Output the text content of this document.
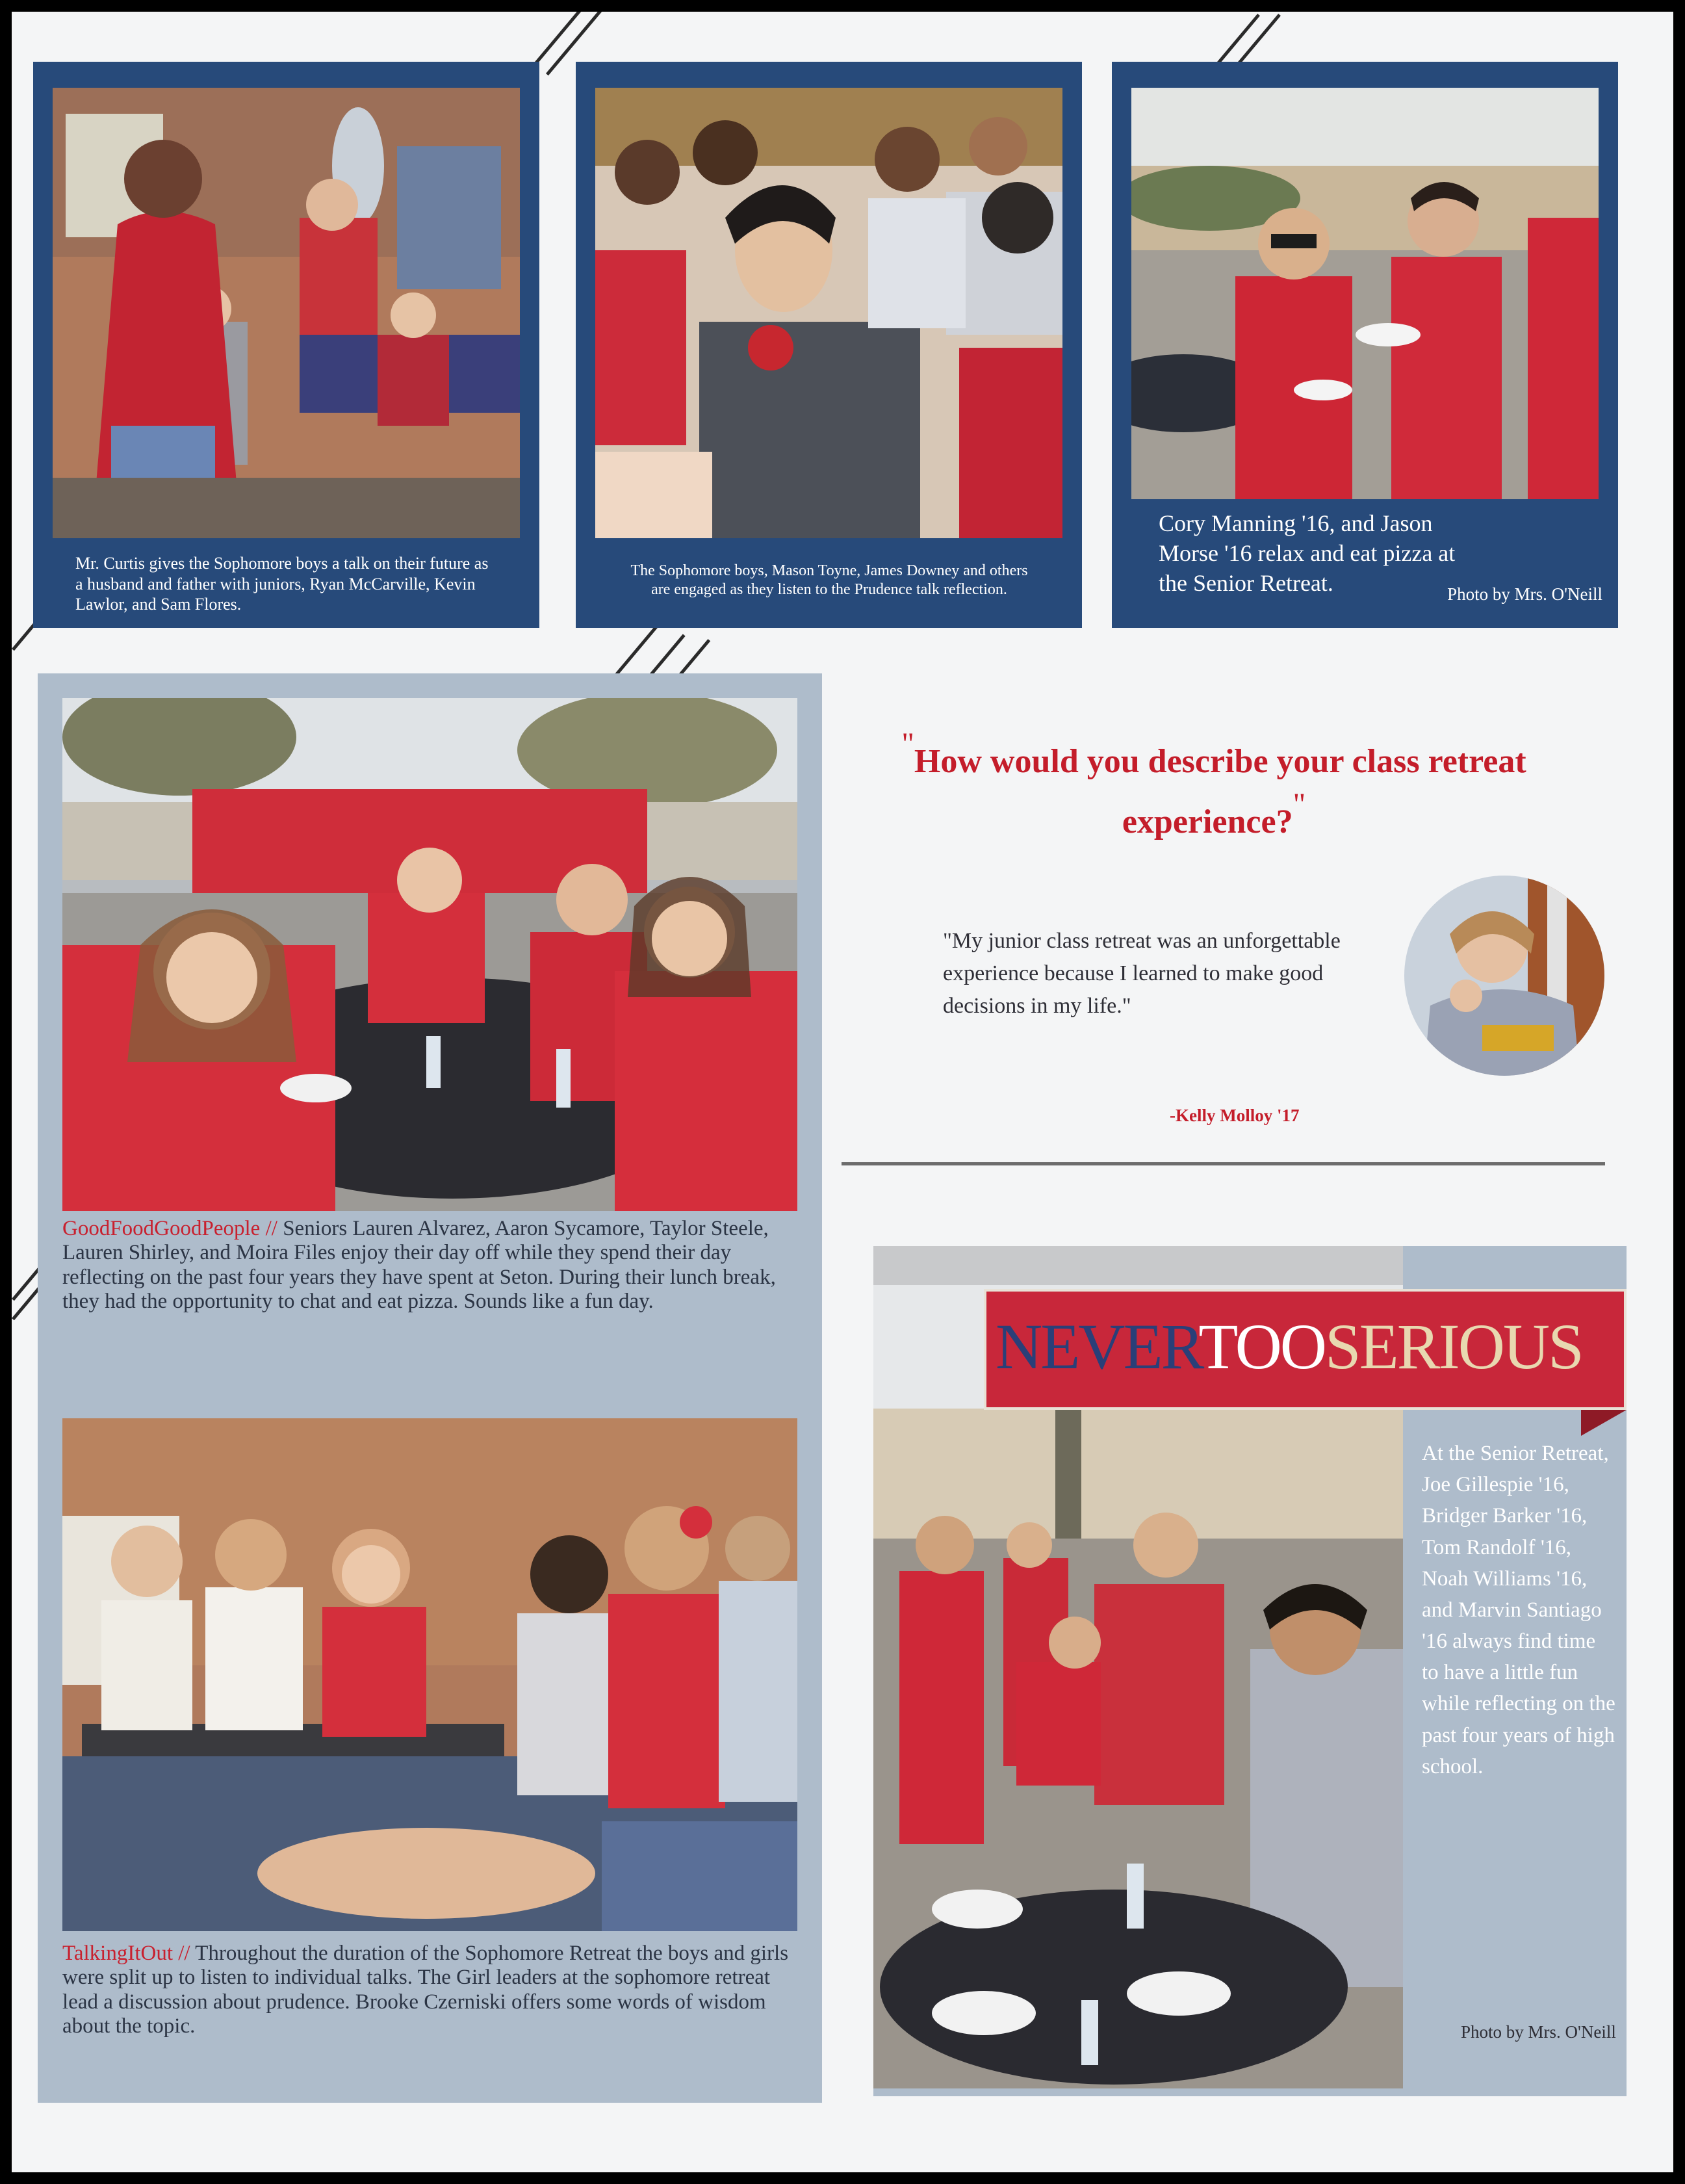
Mr. Curtis gives the Sophomore boys a talk on their future as a husband and father with juniors, Ryan McCarville, Kevin Lawlor, and Sam Flores.
The Sophomore boys, Mason Toyne, James Downey and others are engaged as they listen to the Prudence talk reflection.
Cory Manning '16, and Jason Morse '16 relax and eat pizza at the Senior Retreat.	Photo by Mrs. O'Neill
GoodFoodGoodPeople // Seniors Lauren Alvarez, Aaron Sycamore, Taylor Steele, Lauren Shirley, and Moira Files enjoy their day off while they spend their day reflecting on the past four years they have spent at Seton. During their lunch break, they had the opportunity to chat and eat pizza. Sounds like a fun day.
TalkingItOut // Throughout the duration of the Sophomore Retreat the boys and girls were split up to listen to individual talks. The Girl leaders at the sophomore retreat lead a discussion about prudence. Brooke Czerniski offers some words of wisdom about the topic.
"How would you describe your class retreat experience?"
"My junior class retreat was an unforgettable experience because I learned to make good decisions in my life."
-Kelly Molloy '17
NEVERTOOSERIOUS
At the Senior Retreat, Joe Gillespie '16, Bridger Barker '16, Tom Randolf '16, Noah Williams '16, and Marvin Santiago '16 always find time to have a little fun while reflecting on the past four years of high school.
Photo by Mrs. O'Neill
